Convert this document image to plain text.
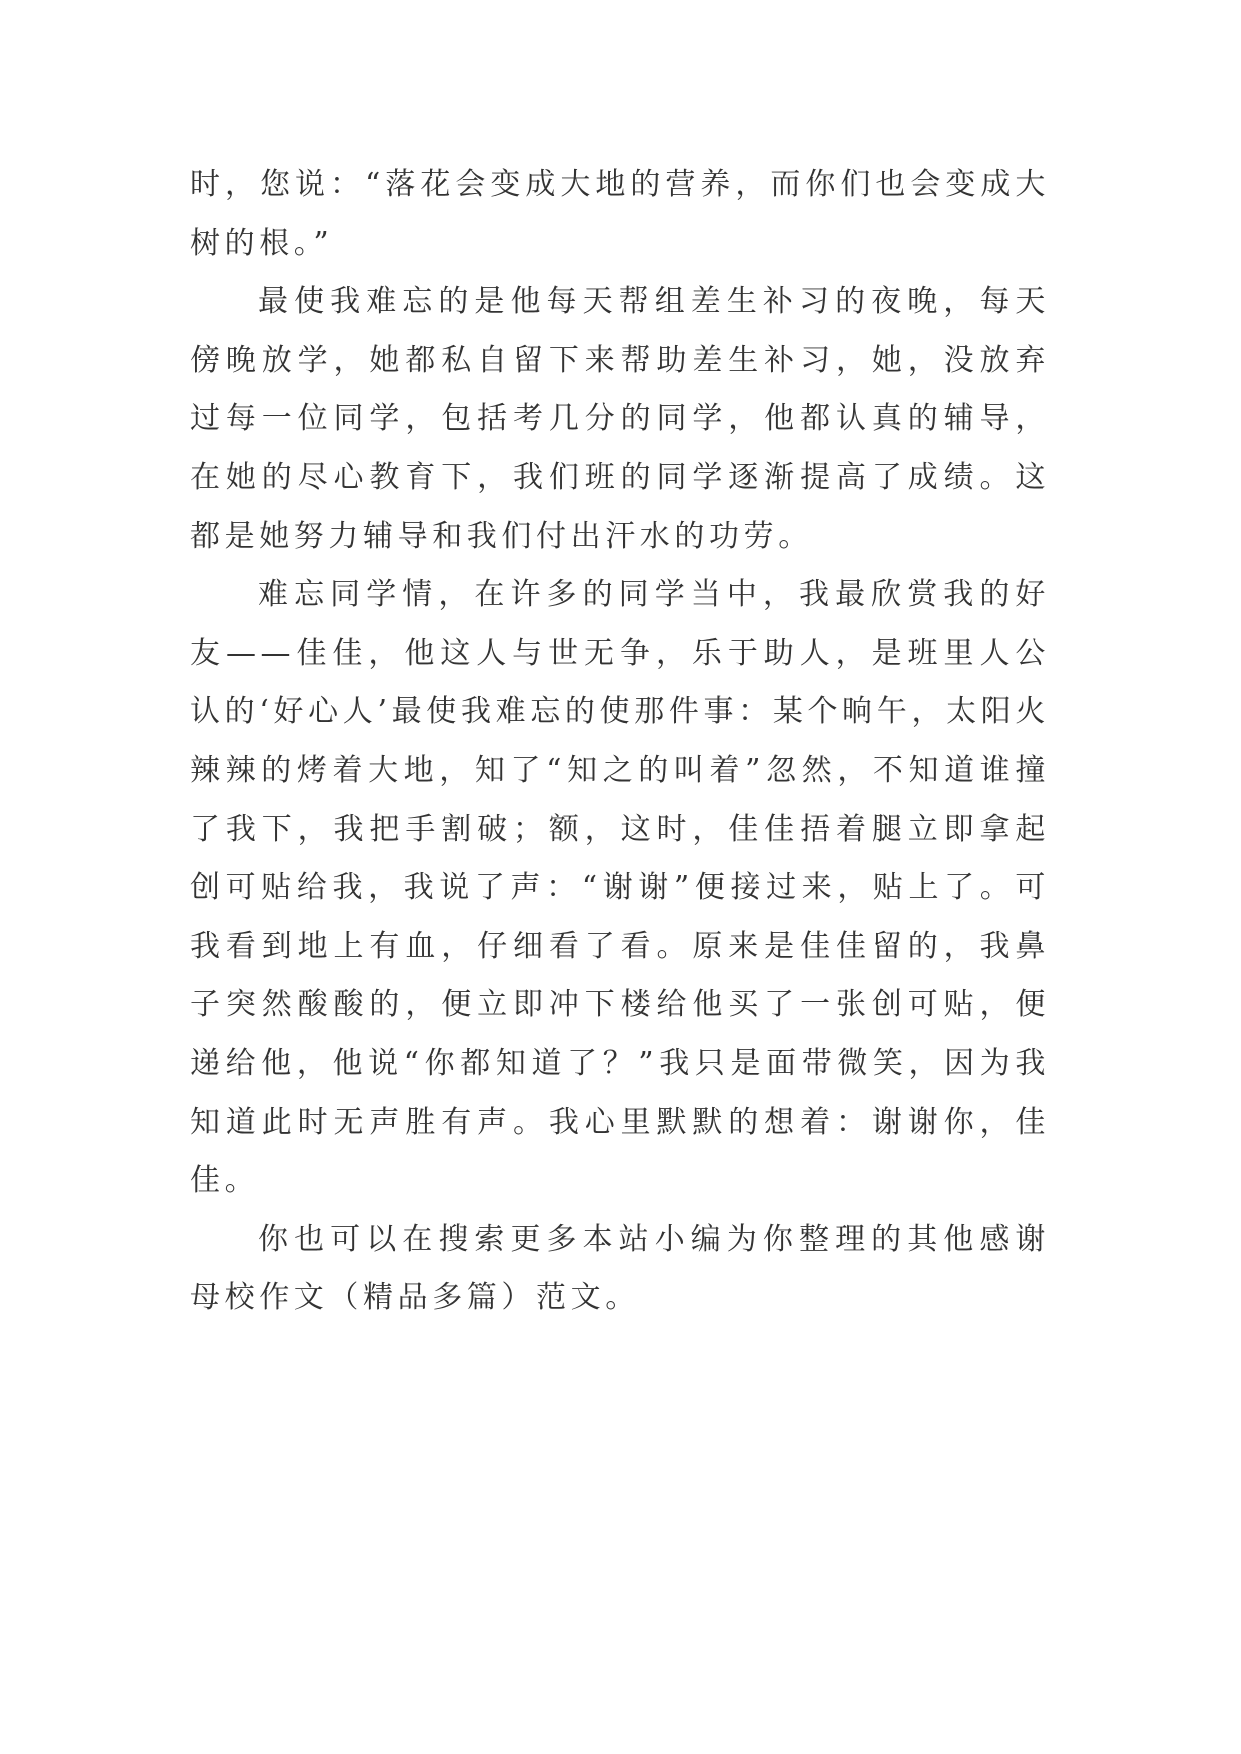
时，您说：“落花会变成大地的营养，而你们也会变成大树的根。”

最使我难忘的是他每天帮组差生补习的夜晚，每天傍晚放学，她都私自留下来帮助差生补习，她，没放弃过每一位同学，包括考几分的同学，他都认真的辅导，在她的尽心教育下，我们班的同学逐渐提高了成绩。这都是她努力辅导和我们付出汗水的功劳。

难忘同学情，在许多的同学当中，我最欣赏我的好友——佳佳，他这人与世无争，乐于助人，是班里人公认的‘好心人’最使我难忘的使那件事：某个晌午，太阳火辣辣的烤着大地，知了“知之的叫着”忽然，不知道谁撞了我下，我把手割破；额，这时，佳佳捂着腿立即拿起创可贴给我，我说了声：“谢谢”便接过来，贴上了。可我看到地上有血，仔细看了看。原来是佳佳留的，我鼻子突然酸酸的，便立即冲下楼给他买了一张创可贴，便递给他，他说“你都知道了？”我只是面带微笑，因为我知道此时无声胜有声。我心里默默的想着：谢谢你，佳佳。

你也可以在搜索更多本站小编为你整理的其他感谢母校作文（精品多篇）范文。
